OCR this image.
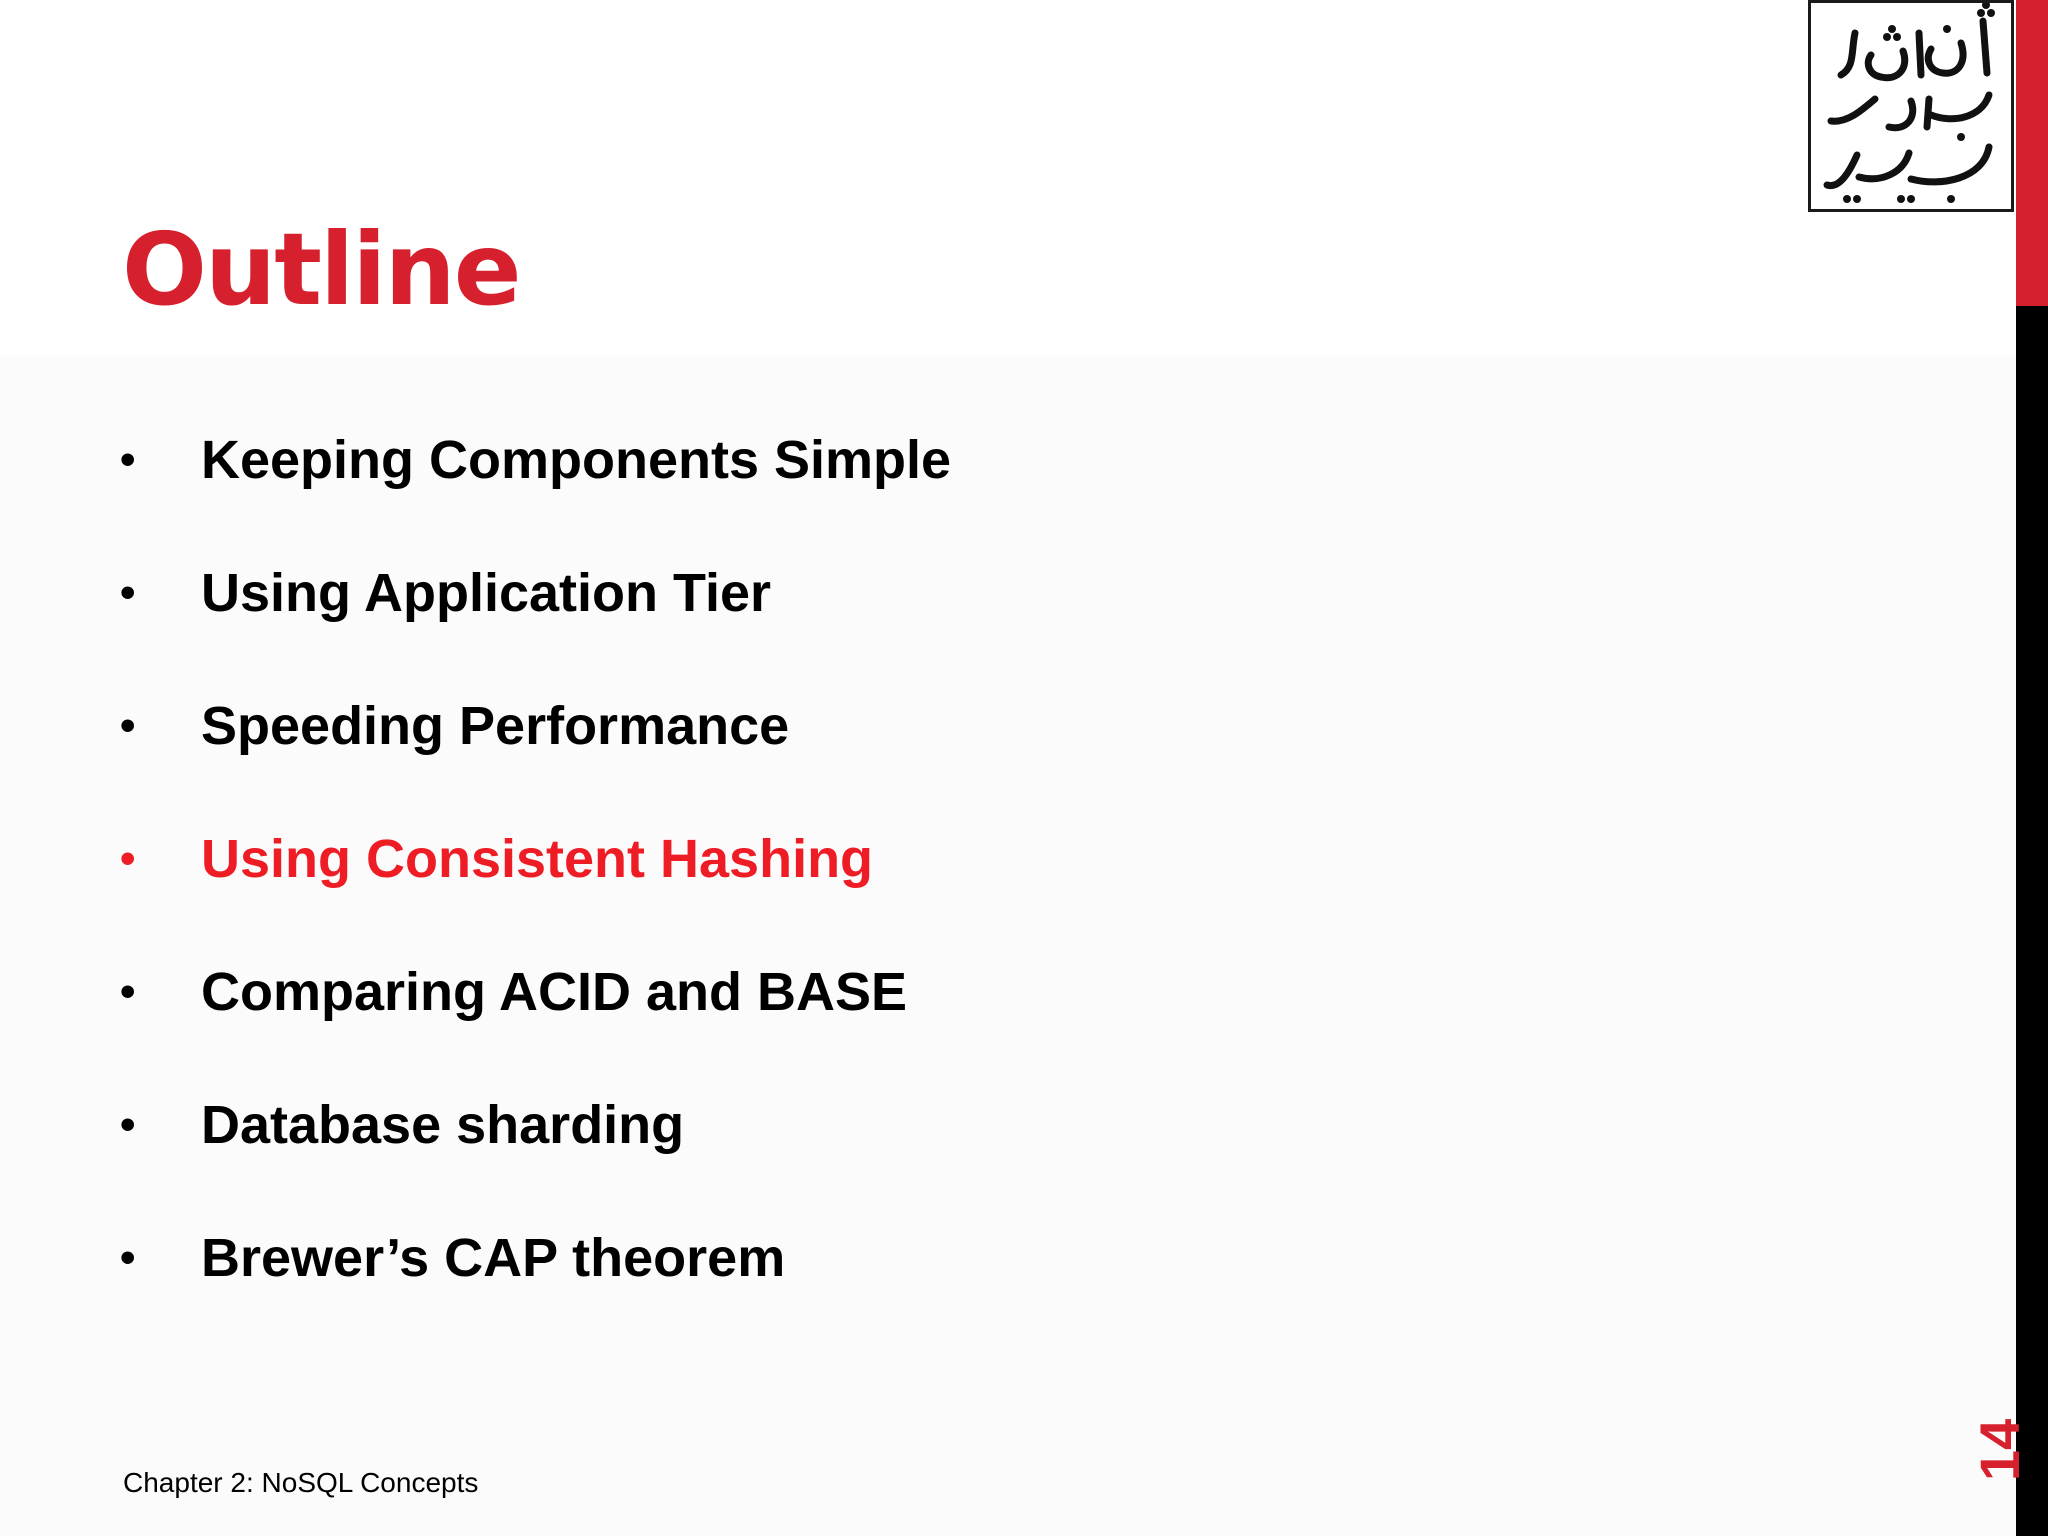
Outline
•	Keeping Components Simple
•	Using Application Tier
•	Speeding Performance
•	Using Consistent Hashing
•	Comparing ACID and BASE
•	Database sharding
•	Brewer’s CAP theorem
Chapter 2: NoSQL Concepts
14
